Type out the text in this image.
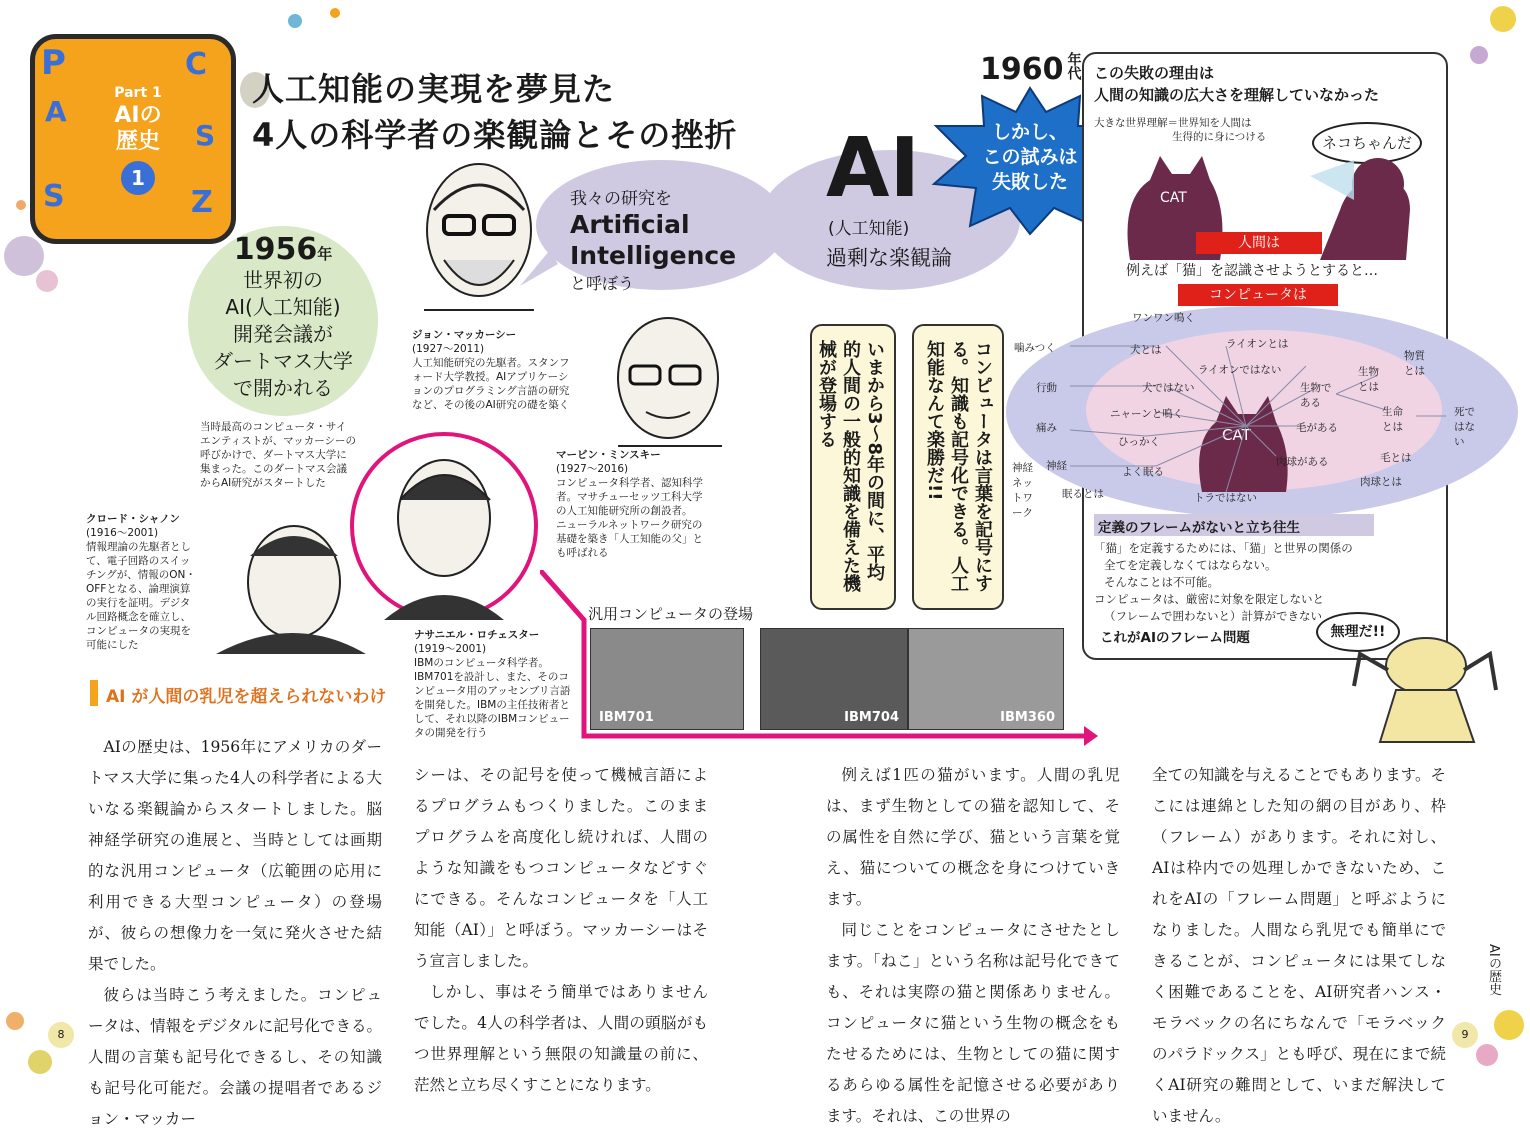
P	C
A
S
S	Z
Part 1
AIの
歴史
1
人工知能の実現を夢見た
4人の科学者の楽観論とその挫折
1956年
世界初の
AI(人工知能)
開発会議が
ダートマス大学
で開かれる
当時最高のコンピュータ・サイ
エンティストが、マッカーシーの
呼びかけで、ダートマス大学に
集まった。このダートマス会議
からAI研究がスタートした
ジョン・マッカーシー
(1927～2011)
人工知能研究の先駆者。スタンフ
ォード大学教授。AIアプリケーシ
ョンのプログラミング言語の研究
など、その後のAI研究の礎を築く
我々の研究を
Artificial
Intelligence
と呼ぼう
AI
(人工知能)
過剰な楽観論
1960 年代
しかし、
この試みは
失敗した
マービン・ミンスキー
(1927～2016)
コンピュータ科学者、認知科学
者。マサチューセッツ工科大学
の人工知能研究所の創設者。
ニューラルネットワーク研究の
基礎を築き「人工知能の父」と
も呼ばれる
ナサニエル・ロチェスター
(1919～2001)
IBMのコンピュータ科学者。
IBM701を設計し、また、そのコ
ンピュータ用のアッセンブリ言語
を開発した。IBMの主任技術者と
して、それ以降のIBMコンピュー
タの開発を行う
クロード・シャノン
(1916～2001)
情報理論の先駆者とし
て、電子回路のスイッ
チングが、情報のON・
OFFとなる、論理演算
の実行を証明。デジタ
ル回路概念を確立し、
コンピュータの実現を
可能にした
いまから3～8年の間に、平均的人間の一般的知識を備えた機械が登場する	コンピュータは言葉を記号にする。知識も記号化できる。人工知能なんて楽勝だ!!
汎用コンピュータの登場
IBM701	IBM704	IBM360
この失敗の理由は
人間の知識の広大さを理解していなかった
大きな世界理解＝世界知を人間は
生得的に身につける	ネコちゃんだ
CAT
人間は
例えば「猫」を認識させようとすると…
コンピュータは
CAT
ワンワン鳴く
噛みつく	犬とは	ライオンとは
物質とは
ライオンではない
行動	犬ではない	生物である
生物とは
ニャーンと鳴く	生命とは
死ではない
痛み
ひっかく
毛がある
毛とは
神経
神経ネットワーク
よく眠る
肉球がある
眠るとは	トラではない
肉球とは
定義のフレームがないと立ち往生
「猫」を定義するためには、「猫」と世界の関係の
全てを定義しなくてはならない。
そんなことは不可能。
コンピュータは、厳密に対象を限定しないと
（フレームで囲わないと）計算ができない
これがAIのフレーム問題	無理だ!!
AI が人間の乳児を超えられないわけ

AIの歴史は、1956年にアメリカのダートマス大学に集った4人の科学者による大いなる楽観論からスタートしました。脳神経学研究の進展と、当時としては画期的な汎用コンピュータ（広範囲の応用に利用できる大型コンピュータ）の登場が、彼らの想像力を一気に発火させた結果でした。

彼らは当時こう考えました。コンピュータは、情報をデジタルに記号化できる。人間の言葉も記号化できるし、その知識も記号化可能だ。会議の提唱者であるジョン・マッカー

シーは、その記号を使って機械言語によるプログラムもつくりました。このままプログラムを高度化し続ければ、人間のような知識をもつコンピュータなどすぐにできる。そんなコンピュータを「人工知能（AI）」と呼ぼう。マッカーシーはそう宣言しました。

しかし、事はそう簡単ではありませんでした。4人の科学者は、人間の頭脳がもつ世界理解という無限の知識量の前に、茫然と立ち尽くすことになります。

例えば1匹の猫がいます。人間の乳児は、まず生物としての猫を認知して、その属性を自然に学び、猫という言葉を覚え、猫についての概念を身につけていきます。

同じことをコンピュータにさせたとします。「ねこ」という名称は記号化できても、それは実際の猫と関係ありません。コンピュータに猫という生物の概念をもたせるためには、生物としての猫に関するあらゆる属性を記憶させる必要があります。それは、この世界の

全ての知識を与えることでもあります。そこには連綿とした知の網の目があり、枠（フレーム）があります。それに対し、AIは枠内での処理しかできないため、これをAIの「フレーム問題」と呼ぶようになりました。人間なら乳児でも簡単にできることが、コンピュータには果てしなく困難であることを、AI研究者ハンス・モラベックの名にちなんで「モラベックのパラドックス」とも呼び、現在にまで続くAI研究の難問として、いまだ解決していません。

AIの歴史
8	9
